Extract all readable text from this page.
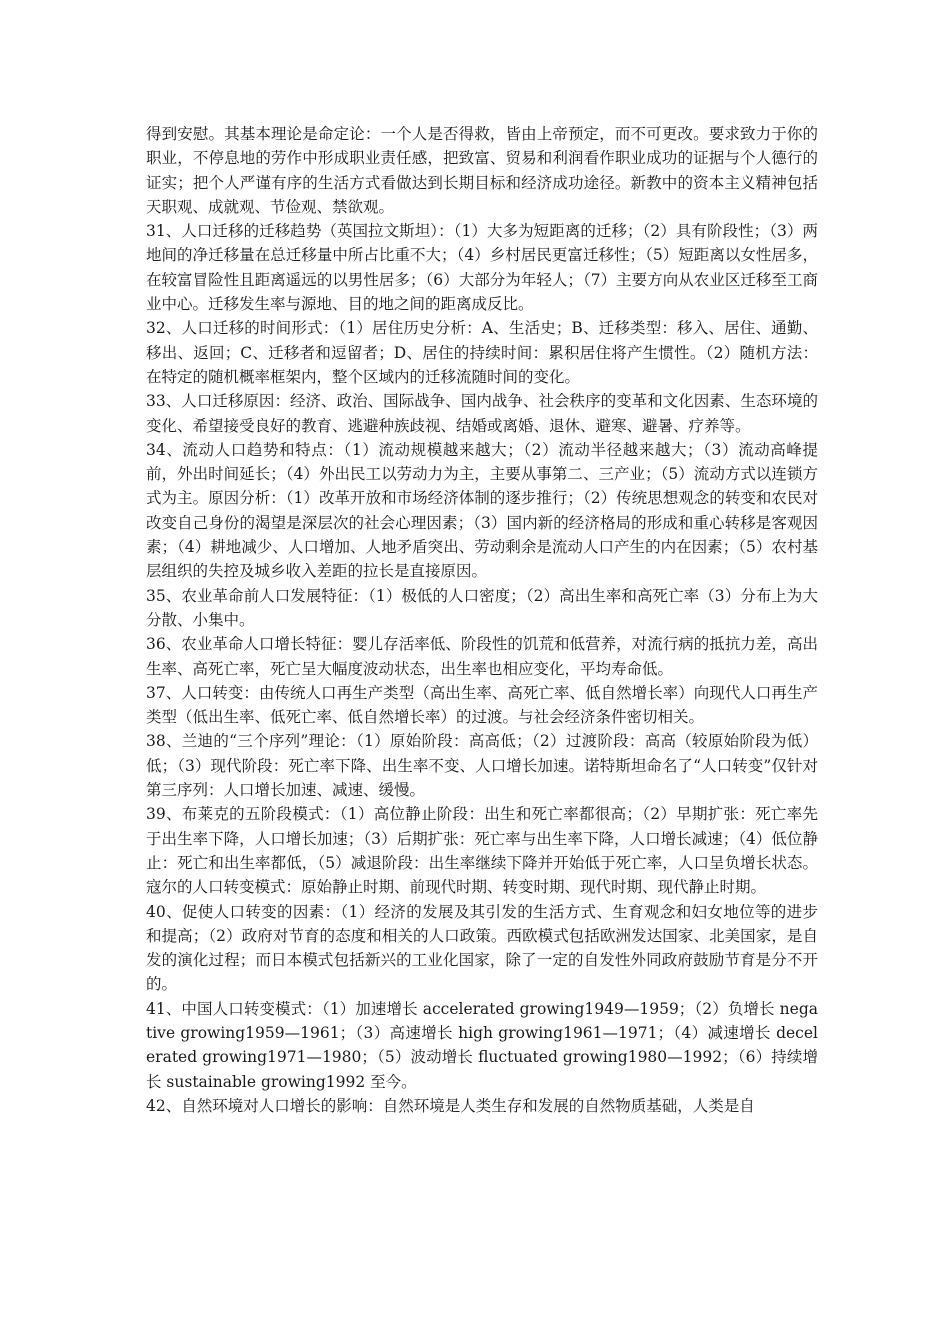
得到安慰。其基本理论是命定论：一个人是否得救，皆由上帝预定，而不可更改。要求致力于你的职业，不停息地的劳作中形成职业责任感，把致富、贸易和利润看作职业成功的证据与个人德行的证实；把个人严谨有序的生活方式看做达到长期目标和经济成功途径。新教中的资本主义精神包括天职观、成就观、节俭观、禁欲观。

31、人口迁移的迁移趋势（英国拉文斯坦）：（1）大多为短距离的迁移；（2）具有阶段性；（3）两地间的净迁移量在总迁移量中所占比重不大；（4）乡村居民更富迁移性；（5）短距离以女性居多，在较富冒险性且距离遥远的以男性居多；（6）大部分为年轻人；（7）主要方向从农业区迁移至工商业中心。迁移发生率与源地、目的地之间的距离成反比。

32、人口迁移的时间形式：（1）居住历史分析：A、生活史；B、迁移类型：移入、居住、通勤、移出、返回；C、迁移者和逗留者；D、居住的持续时间：累积居住将产生惯性。（2）随机方法：在特定的随机概率框架内，整个区域内的迁移流随时间的变化。

33、人口迁移原因：经济、政治、国际战争、国内战争、社会秩序的变革和文化因素、生态环境的变化、希望接受良好的教育、逃避种族歧视、结婚或离婚、退休、避寒、避暑、疗养等。

34、流动人口趋势和特点：（1）流动规模越来越大；（2）流动半径越来越大；（3）流动高峰提前，外出时间延长；（4）外出民工以劳动力为主，主要从事第二、三产业；（5）流动方式以连锁方式为主。原因分析：（1）改革开放和市场经济体制的逐步推行；（2）传统思想观念的转变和农民对改变自己身份的渴望是深层次的社会心理因素；（3）国内新的经济格局的形成和重心转移是客观因素；（4）耕地减少、人口增加、人地矛盾突出、劳动剩余是流动人口产生的内在因素；（5）农村基层组织的失控及城乡收入差距的拉长是直接原因。

35、农业革命前人口发展特征：（1）极低的人口密度；（2）高出生率和高死亡率（3）分布上为大分散、小集中。

36、农业革命人口增长特征：婴儿存活率低、阶段性的饥荒和低营养，对流行病的抵抗力差，高出生率、高死亡率，死亡呈大幅度波动状态，出生率也相应变化，平均寿命低。

37、人口转变：由传统人口再生产类型（高出生率、高死亡率、低自然增长率）向现代人口再生产类型（低出生率、低死亡率、低自然增长率）的过渡。与社会经济条件密切相关。

38、兰迪的“三个序列”理论：（1）原始阶段：高高低；（2）过渡阶段：高高（较原始阶段为低）低；（3）现代阶段：死亡率下降、出生率不变、人口增长加速。诺特斯坦命名了“人口转变”仅针对第三序列：人口增长加速、减速、缓慢。

39、布莱克的五阶段模式：（1）高位静止阶段：出生和死亡率都很高；（2）早期扩张：死亡率先于出生率下降，人口增长加速；（3）后期扩张：死亡率与出生率下降，人口增长减速；（4）低位静止：死亡和出生率都低，（5）减退阶段：出生率继续下降并开始低于死亡率，人口呈负增长状态。寇尔的人口转变模式：原始静止时期、前现代时期、转变时期、现代时期、现代静止时期。

40、促使人口转变的因素：（1）经济的发展及其引发的生活方式、生育观念和妇女地位等的进步和提高；（2）政府对节育的态度和相关的人口政策。西欧模式包括欧洲发达国家、北美国家，是自发的演化过程；而日本模式包括新兴的工业化国家，除了一定的自发性外同政府鼓励节育是分不开的。

41、中国人口转变模式：（1）加速增长 accelerated growing1949—1959；（2）负增长 negative growing1959—1961；（3）高速增长 high growing1961—1971；（4）减速增长 decelerated growing1971—1980；（5）波动增长 fluctuated growing1980—1992；（6）持续增长 sustainable growing1992 至今。

42、自然环境对人口增长的影响：自然环境是人类生存和发展的自然物质基础，人类是自
